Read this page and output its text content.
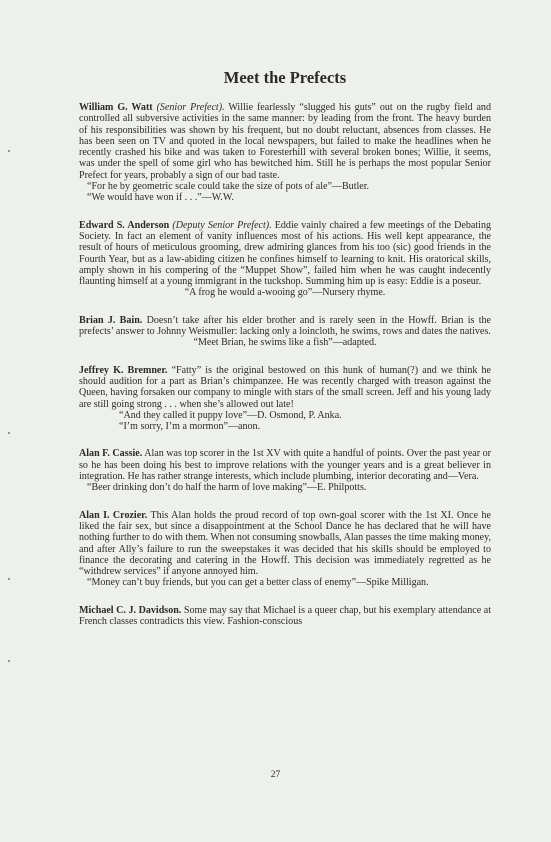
Meet the Prefects

William G. Watt (Senior Prefect). Willie fearlessly “slugged his guts” out on the rugby field and controlled all subversive activities in the same manner: by leading from the front. The heavy burden of his responsibilities was shown by his frequent, but no doubt reluctant, absences from classes. He has been seen on TV and quoted in the local newspapers, but failed to make the headlines when he recently crashed his bike and was taken to Foresterhill with several broken bones; Willie, it seems, was under the spell of some girl who has bewitched him. Still he is perhaps the most popular Senior Prefect for years, probably a sign of our bad taste.

“For he by geometric scale could take the size of pots of ale”—Butler.

“We would have won if . . .”—W.W.

Edward S. Anderson (Deputy Senior Prefect). Eddie vainly chaired a few meetings of the Debating Society. In fact an element of vanity influences most of his actions. His well kept appearance, the result of hours of meticulous grooming, drew admiring glances from his too (sic) good friends in the Fourth Year, but as a law-abiding citizen he confines himself to learning to knit. His oratorical skills, amply shown in his compering of the “Muppet Show”, failed him when he was caught indecently flaunting himself at a young immigrant in the tuckshop. Summing him up is easy: Eddie is a poseur.

“A frog he would a-wooing go”—Nursery rhyme.

Brian J. Bain. Doesn’t take after his elder brother and is rarely seen in the Howff. Brian is the prefects’ answer to Johnny Weismuller: lacking only a loincloth, he swims, rows and dates the natives.

“Meet Brian, he swims like a fish”—adapted.

Jeffrey K. Bremner. “Fatty” is the original bestowed on this hunk of human(?) and we think he should audition for a part as Brian’s chimpanzee. He was recently charged with treason against the Queen, having forsaken our company to mingle with stars of the small screen. Jeff and his young lady are still going strong . . . when she’s allowed out late!

“And they called it puppy love”—D. Osmond, P. Anka.

“I’m sorry, I’m a mormon”—anon.

Alan F. Cassie. Alan was top scorer in the 1st XV with quite a handful of points. Over the past year or so he has been doing his best to improve relations with the younger years and is a great believer in integration. He has rather strange interests, which include plumbing, interior decorating and—Vera.

“Beer drinking don’t do half the harm of love making”—E. Philpotts.

Alan I. Crozier. This Alan holds the proud record of top own-goal scorer with the 1st XI. Once he liked the fair sex, but since a disappointment at the School Dance he has declared that he will have nothing further to do with them. When not consuming snowballs, Alan passes the time making money, and after Ally’s failure to run the sweepstakes it was decided that his skills should be employed to finance the decorating and catering in the Howff. This decision was immediately regretted as he “withdrew services” if anyone annoyed him.

“Money can’t buy friends, but you can get a better class of enemy”—Spike Milligan.

Michael C. J. Davidson. Some may say that Michael is a queer chap, but his exemplary attendance at French classes contradicts this view. Fashion-conscious

27
